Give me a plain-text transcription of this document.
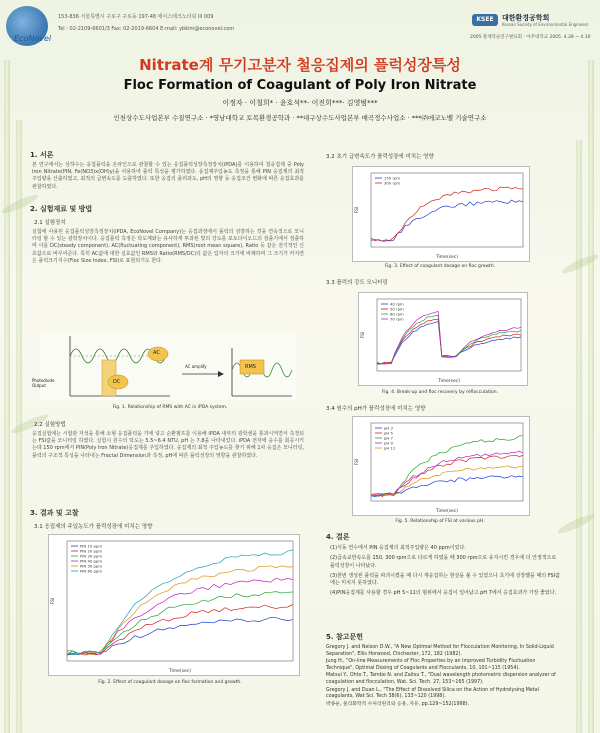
EcoNovel
153-836 서울특별시 구로구 구로동 197-48 에이스테크노타워 III 009
Tel : 02-2109-6601/3 Fax: 02-2019-6604 E-mail: ybkim@econovel.com
KSEE	대한환경공학회
Korean Society of Environmental Engineers
2005 춘계학술연구발표회 · 아주대학교 2005. 4.28 ~ 4.30
Nitrate계 무기고분자 철응집제의 플럭성장특성
Floc Formation of Coagulant of Poly Iron Nitrate
이정자 · 이철희* · 윤호석**· 이진희***· 김영범***
인천상수도사업본부 수질연구소 · *영남대학교 토목환경공학과 · **대구상수도사업본부 매곡정수사업소 · ***㈜에코노벨 기술연구소
1. 서론
본 연구에서는 상하수는 응집플럭을 온라인으로 관찰할 수 있는 응집플럭성장측정장치(iPDA)를 이용하여 철응집제 중 Poly Iron Nitrate(PIN, Fe(NO3)x(OH)y)을 사용하여 플럭 특성을 평가하였다. 응집제주입농도 측정을 통해 PIN 응집제의 최적 주입량을 산출하였고, 최적의 급변속도를 도출하였다. 또한 응집의 플러과도, pH의 영향 등 응집조건 변화에 따른 응집효과를 관찰하였다.
2. 실험재료 및 방법
2.1 실험장치
실험에 사용된 응집플럭성장측정장치(iPDA, EcoNovel Company)는 응집과정에서 플럭의 성장하는 것을 연속적으로 모니터링 할 수 있는 광학장치이다. 응집플럭 측정은 탁도계와는 유사하게 투과된 빛의 강도를 포토다이오드의 검출기에서 검출하며 이를 DC(steady component), AC(fluctuating component), RMS(root mean square), Ratio 등 같은 전기적인 신호값으로 바꾸어준다. 특히 AC값에 대한 실효값인 RMS와 Ratio(RMS/DC)의 값은 입자의 크기에 비례하며 그 크기가 커지면은 플럭크기지수(Floc Size Index, FSI)로 표현되기도 한다.
AC
DC
RMS
Photodiode Output
AC amplify
Fig. 1. Relationship of RMS with AC in iPDA system.
2.2 실험방법
응집실험에는 시험관 자성을 통해 소형 응집플럭을 기에 넣고 순환펌프를 이용해 iPDA 내부의 광학센을 통과시켜면서 측정되는 FSI값을 모니터링 하였다. 실험시 원수의 탁도는 5.5~6.4 NTU, pH 는 7.8을 나타내었다. iPDA 전자에 응수를 회공시키는데 150 rpm에서 PIN(Poly Iron Nitrate)응집제를 주입하였다. 응집제의 최적 주입농도를 찾기 위해 1차 응집은 모니터링, 플럭의 구조적 특성을 나타내는 Fractal Dimension과 측정, pH에 따른 플럭성장의 영향을 관찰하였다.
3. 결과 및 고찰
3.1 응집제의 주입농도가 플럭성장에 미치는 영향
Time(sec)
FSI
PIN 10 ppm
PIN 20 ppm
PIN 30 ppm
PIN 40 ppm
PIN 50 ppm
PIN 60 ppm
Fig. 2. Effect of coagulant dosage on floc formation and growth.
3.2 초기 급변속도가 플럭성장에 미치는 영향
Time(sec)
FSI
150 rpm
300 rpm
Fig. 3. Effect of coagulant dosage on floc growth.
3.3 플럭의 강도 모니터링
Time(sec)
FSI
40 rpm
50 rpm
60 rpm
70 rpm
Fig. 4. Break-up and floc recovery by reflocculation.
3.4 원수의 pH가 플럭성장에 미치는 영향
Time(sec)
FSI
pH 3
pH 5
pH 7
pH 9
pH 11
Fig. 5. Relationship of FSI at various pH.
4. 결론
(1)식동 연수에서 PIN 응집제의 최적주입량은 40 ppm이었다.
(2)급속교반속도를 150, 300 rpm으로 다르게 하였을 때 300 rpm으로 유지시킨 경우에 더 안정적으로 플럭성장이 나타났다.
(3)한번 생성된 플럭을 파괴시켰을 때 다시 재응집하는 현상을 볼 수 있었으나 초기에 성장했을 때의 FSI값에는 미치지 못하였다.
(4)PIN응집제를 사용할 경우 pH 5~11의 범위에서 응집이 일어났고 pH 7에서 응집효과가 가장 좋았다.
5. 참고문헌
Gregory J. and Nelson D.W., "A New Optimal Method for Flocculation Monitoring, In Solid-Liquid Separation", Ellis Horwood, Chichester, 172, 182 (1982).
Jung H., "On-line Measurements of Floc Properties by an Improved Turbidity Fluctuation Technique", Optimal Dosing of Coagulants and Flocculants, 10, 101~115 (1954).
Matsui Y., Ohto T., Tambo N. and Zaitsu T., "Dual wavelength photometric dispersion analyzer of coagulation and flocculation, Wat. Sci. Tech. 27, 153~165 (1997).
Gregory J. and Duan L., "The Effect of Dissolved Silica on the Action of Hydrolysing Metal coagulants, Wat Sci. Tech 38(6), 133~120 (1998).
박종운, 물리화학적 수처리원리와 응용, 자유, pp.129~152(1998).
